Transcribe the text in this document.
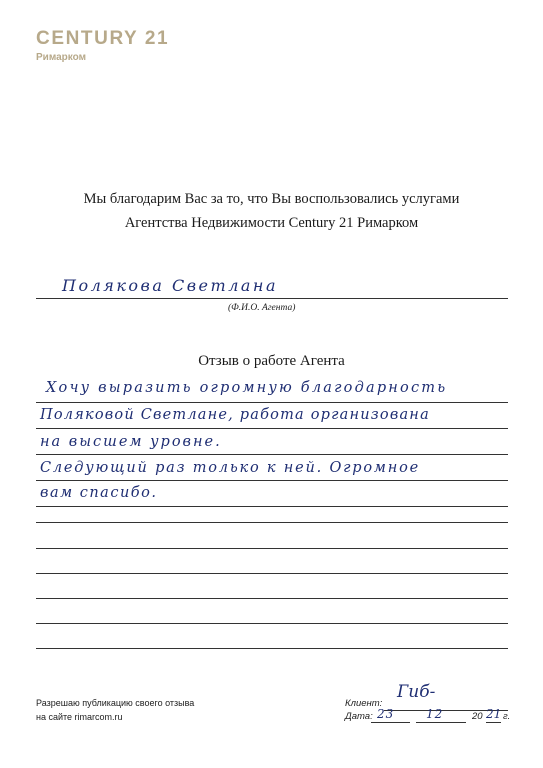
CENTURY 21
Римарком
Мы благодарим Вас за то, что Вы воспользовались услугами
Агентства Недвижимости Century 21 Римарком
Полякова Светлана
(Ф.И.О. Агента)
Отзыв о работе Агента
Хочу выразить огромную благодарность
Поляковой Светлане, работа организована
на высшем уровне.
Следующий раз только к ней. Огромное
вам спасибо.
Разрешаю публикацию своего отзыва
на сайте rimarcom.ru
Клиент:
Гиб-
Дата: 23	12	20 21 г.
